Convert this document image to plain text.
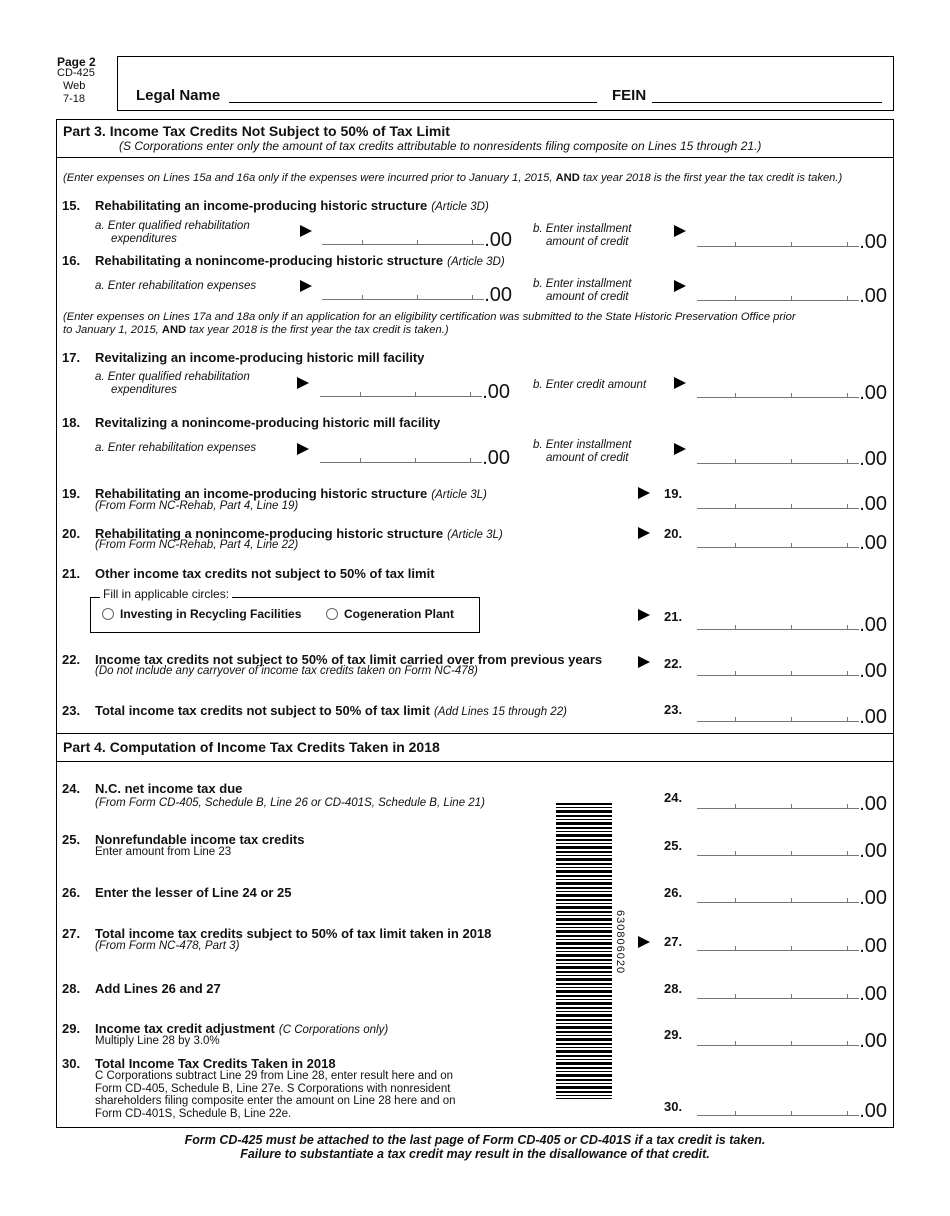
Page 2
CD-425
Web
7-18	Legal Name	FEIN
Part 3. Income Tax Credits Not Subject to 50% of Tax Limit
(S Corporations enter only the amount of tax credits attributable to nonresidents filing composite on Lines 15 through 21.)
(Enter expenses on Lines 15a and 16a only if the expenses were incurred prior to January 1, 2015, AND tax year 2018 is the first year the tax credit is taken.)
15. Rehabilitating an income-producing historic structure (Article 3D)
a. Enter qualified rehabilitation
expenditures	.00 b. Enter installment
amount of credit	.00
16. Rehabilitating a nonincome-producing historic structure (Article 3D)
a. Enter rehabilitation expenses	.00 b. Enter installment
amount of credit	.00
(Enter expenses on Lines 17a and 18a only if an application for an eligibility certification was submitted to the State Historic Preservation Office prior
to January 1, 2015, AND tax year 2018 is the first year the tax credit is taken.)
17. Revitalizing an income-producing historic mill facility
a. Enter qualified rehabilitation
expenditures	.00 b. Enter credit amount	.00
18. Revitalizing a nonincome-producing historic mill facility
a. Enter rehabilitation expenses	.00
b. Enter installment
amount of credit	.00
19. Rehabilitating an income-producing historic structure (Article 3L)
(From Form NC-Rehab, Part 4, Line 19)
19.	.00
20. Rehabilitating a nonincome-producing historic structure (Article 3L)
(From Form NC-Rehab, Part 4, Line 22)
20.	.00
21. Other income tax credits not subject to 50% of tax limit
Fill in applicable circles:
Investing in Recycling Facilities	Cogeneration Plant	21.	.00
22. Income tax credits not subject to 50% of tax limit carried over from previous years
(Do not include any carryover of income tax credits taken on Form NC-478)	22.	.00
23. Total income tax credits not subject to 50% of tax limit (Add Lines 15 through 22)	23.	.00
Part 4. Computation of Income Tax Credits Taken in 2018
630806020
24. N.C. net income tax due
(From Form CD-405, Schedule B, Line 26 or CD-401S, Schedule B, Line 21)	24.	.00
25. Nonrefundable income tax credits
Enter amount from Line 23	25.	.00
26. Enter the lesser of Line 24 or 25	26.	.00
27. Total income tax credits subject to 50% of tax limit taken in 2018
(From Form NC-478, Part 3)	27.	.00
28. Add Lines 26 and 27	28.	.00
29. Income tax credit adjustment (C Corporations only)
Multiply Line 28 by 3.0%	29.	.00
30. Total Income Tax Credits Taken in 2018
C Corporations subtract Line 29 from Line 28, enter result here and on
Form CD-405, Schedule B, Line 27e. S Corporations with nonresident
shareholders filing composite enter the amount on Line 28 here and on
Form CD-401S, Schedule B, Line 22e.	30.	.00
Form CD-425 must be attached to the last page of Form CD-405 or CD-401S if a tax credit is taken.
Failure to substantiate a tax credit may result in the disallowance of that credit.
